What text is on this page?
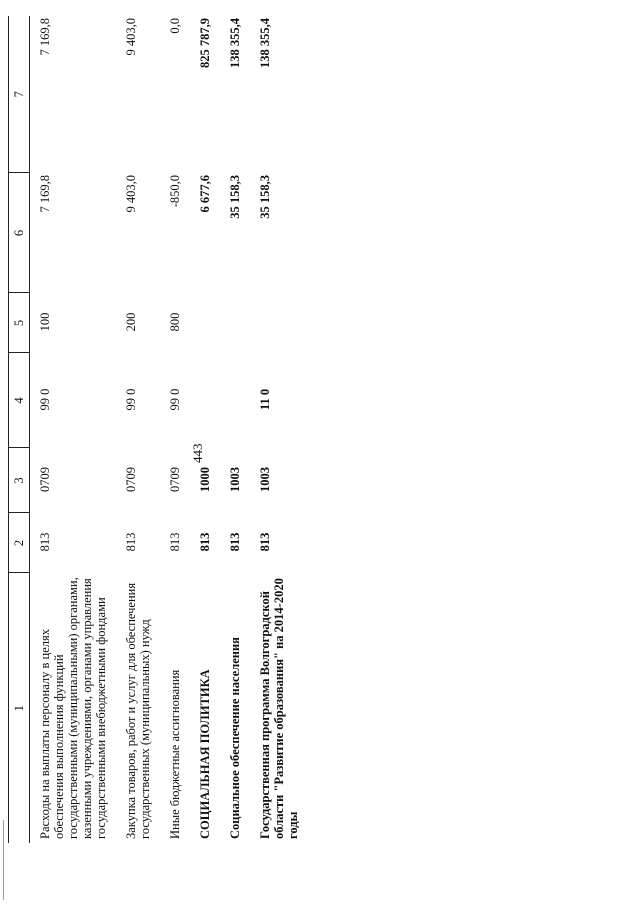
443
1	2	3	4	5	6	7
Расходы на выплаты персоналу в целях обеспечения выполнения функций государственными (муниципальными) органами, казенными учреждениями, органами управления государственными внебюджетными фондами	813	0709	99 0	100	7 169,8	7 169,8
Закупка товаров, работ и услуг для обеспечения государственных (муниципальных) нужд	813	0709	99 0	200	9 403,0	9 403,0
Иные бюджетные ассигнования	813	0709	99 0	800	-850,0	0,0
СОЦИАЛЬНАЯ ПОЛИТИКА	813	1000			6 677,6	825 787,9
Социальное обеспечение населения	813	1003			35 158,3	138 355,4
Государственная программа Волгоградской области "Развитие образования" на 2014-2020 годы	813	1003	11 0		35 158,3	138 355,4
